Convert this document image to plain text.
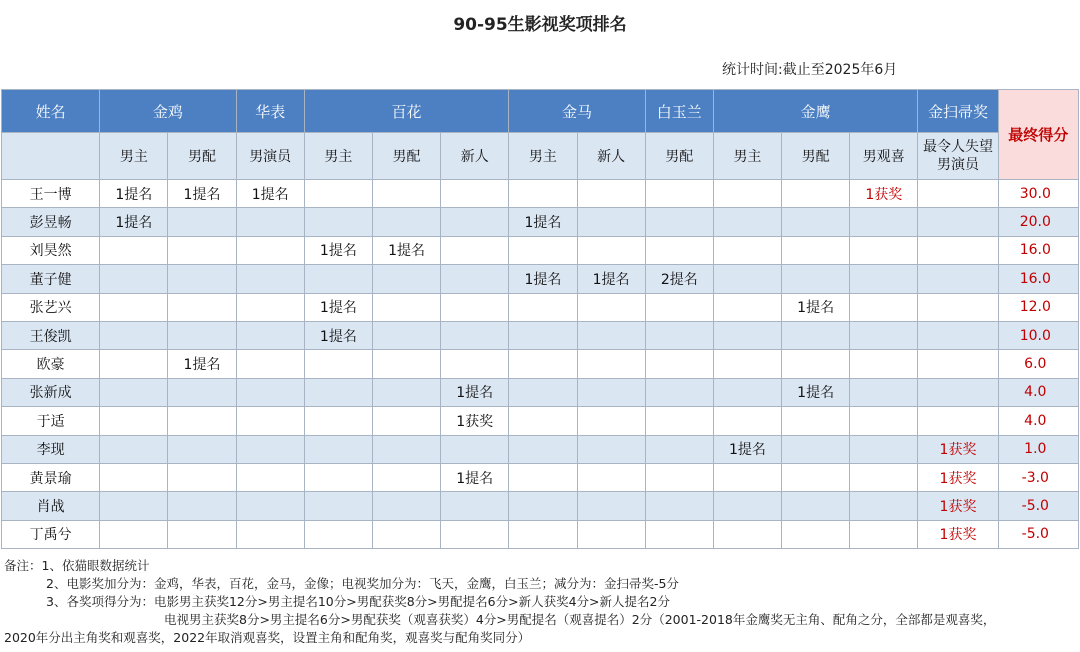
90-95生影视奖项排名
统计时间:截止至2025年6月
姓名	金鸡		华表	百花			金马		白玉兰	金鹰			金扫帚奖	最终得分
	男主	男配	男演员	男主	男配	新人	男主	新人	男配	男主	男配	男观喜	最令人失望男演员	
王一博	1提名	1提名	1提名									1获奖		30.0
彭昱畅	1提名						1提名							20.0
刘昊然				1提名	1提名									16.0
董子健							1提名	1提名	2提名					16.0
张艺兴				1提名							1提名			12.0
王俊凯				1提名										10.0
欧豪		1提名												6.0
张新成						1提名					1提名			4.0
于适						1获奖								4.0
李现										1提名			1获奖	1.0
黄景瑜						1提名							1获奖	-3.0
肖战													1获奖	-5.0
丁禹兮													1获奖	-5.0
备注：1、依猫眼数据统计
2、电影奖加分为：金鸡，华表，百花，金马，金像；电视奖加分为：飞天，金鹰，白玉兰；减分为：金扫帚奖-5分
3、各奖项得分为：电影男主获奖12分>男主提名10分>男配获奖8分>男配提名6分>新人获奖4分>新人提名2分
电视男主获奖8分>男主提名6分>男配获奖（观喜获奖）4分>男配提名（观喜提名）2分（2001-2018年金鹰奖无主角、配角之分，全部都是观喜奖，
2020年分出主角奖和观喜奖，2022年取消观喜奖，设置主角和配角奖，观喜奖与配角奖同分）
